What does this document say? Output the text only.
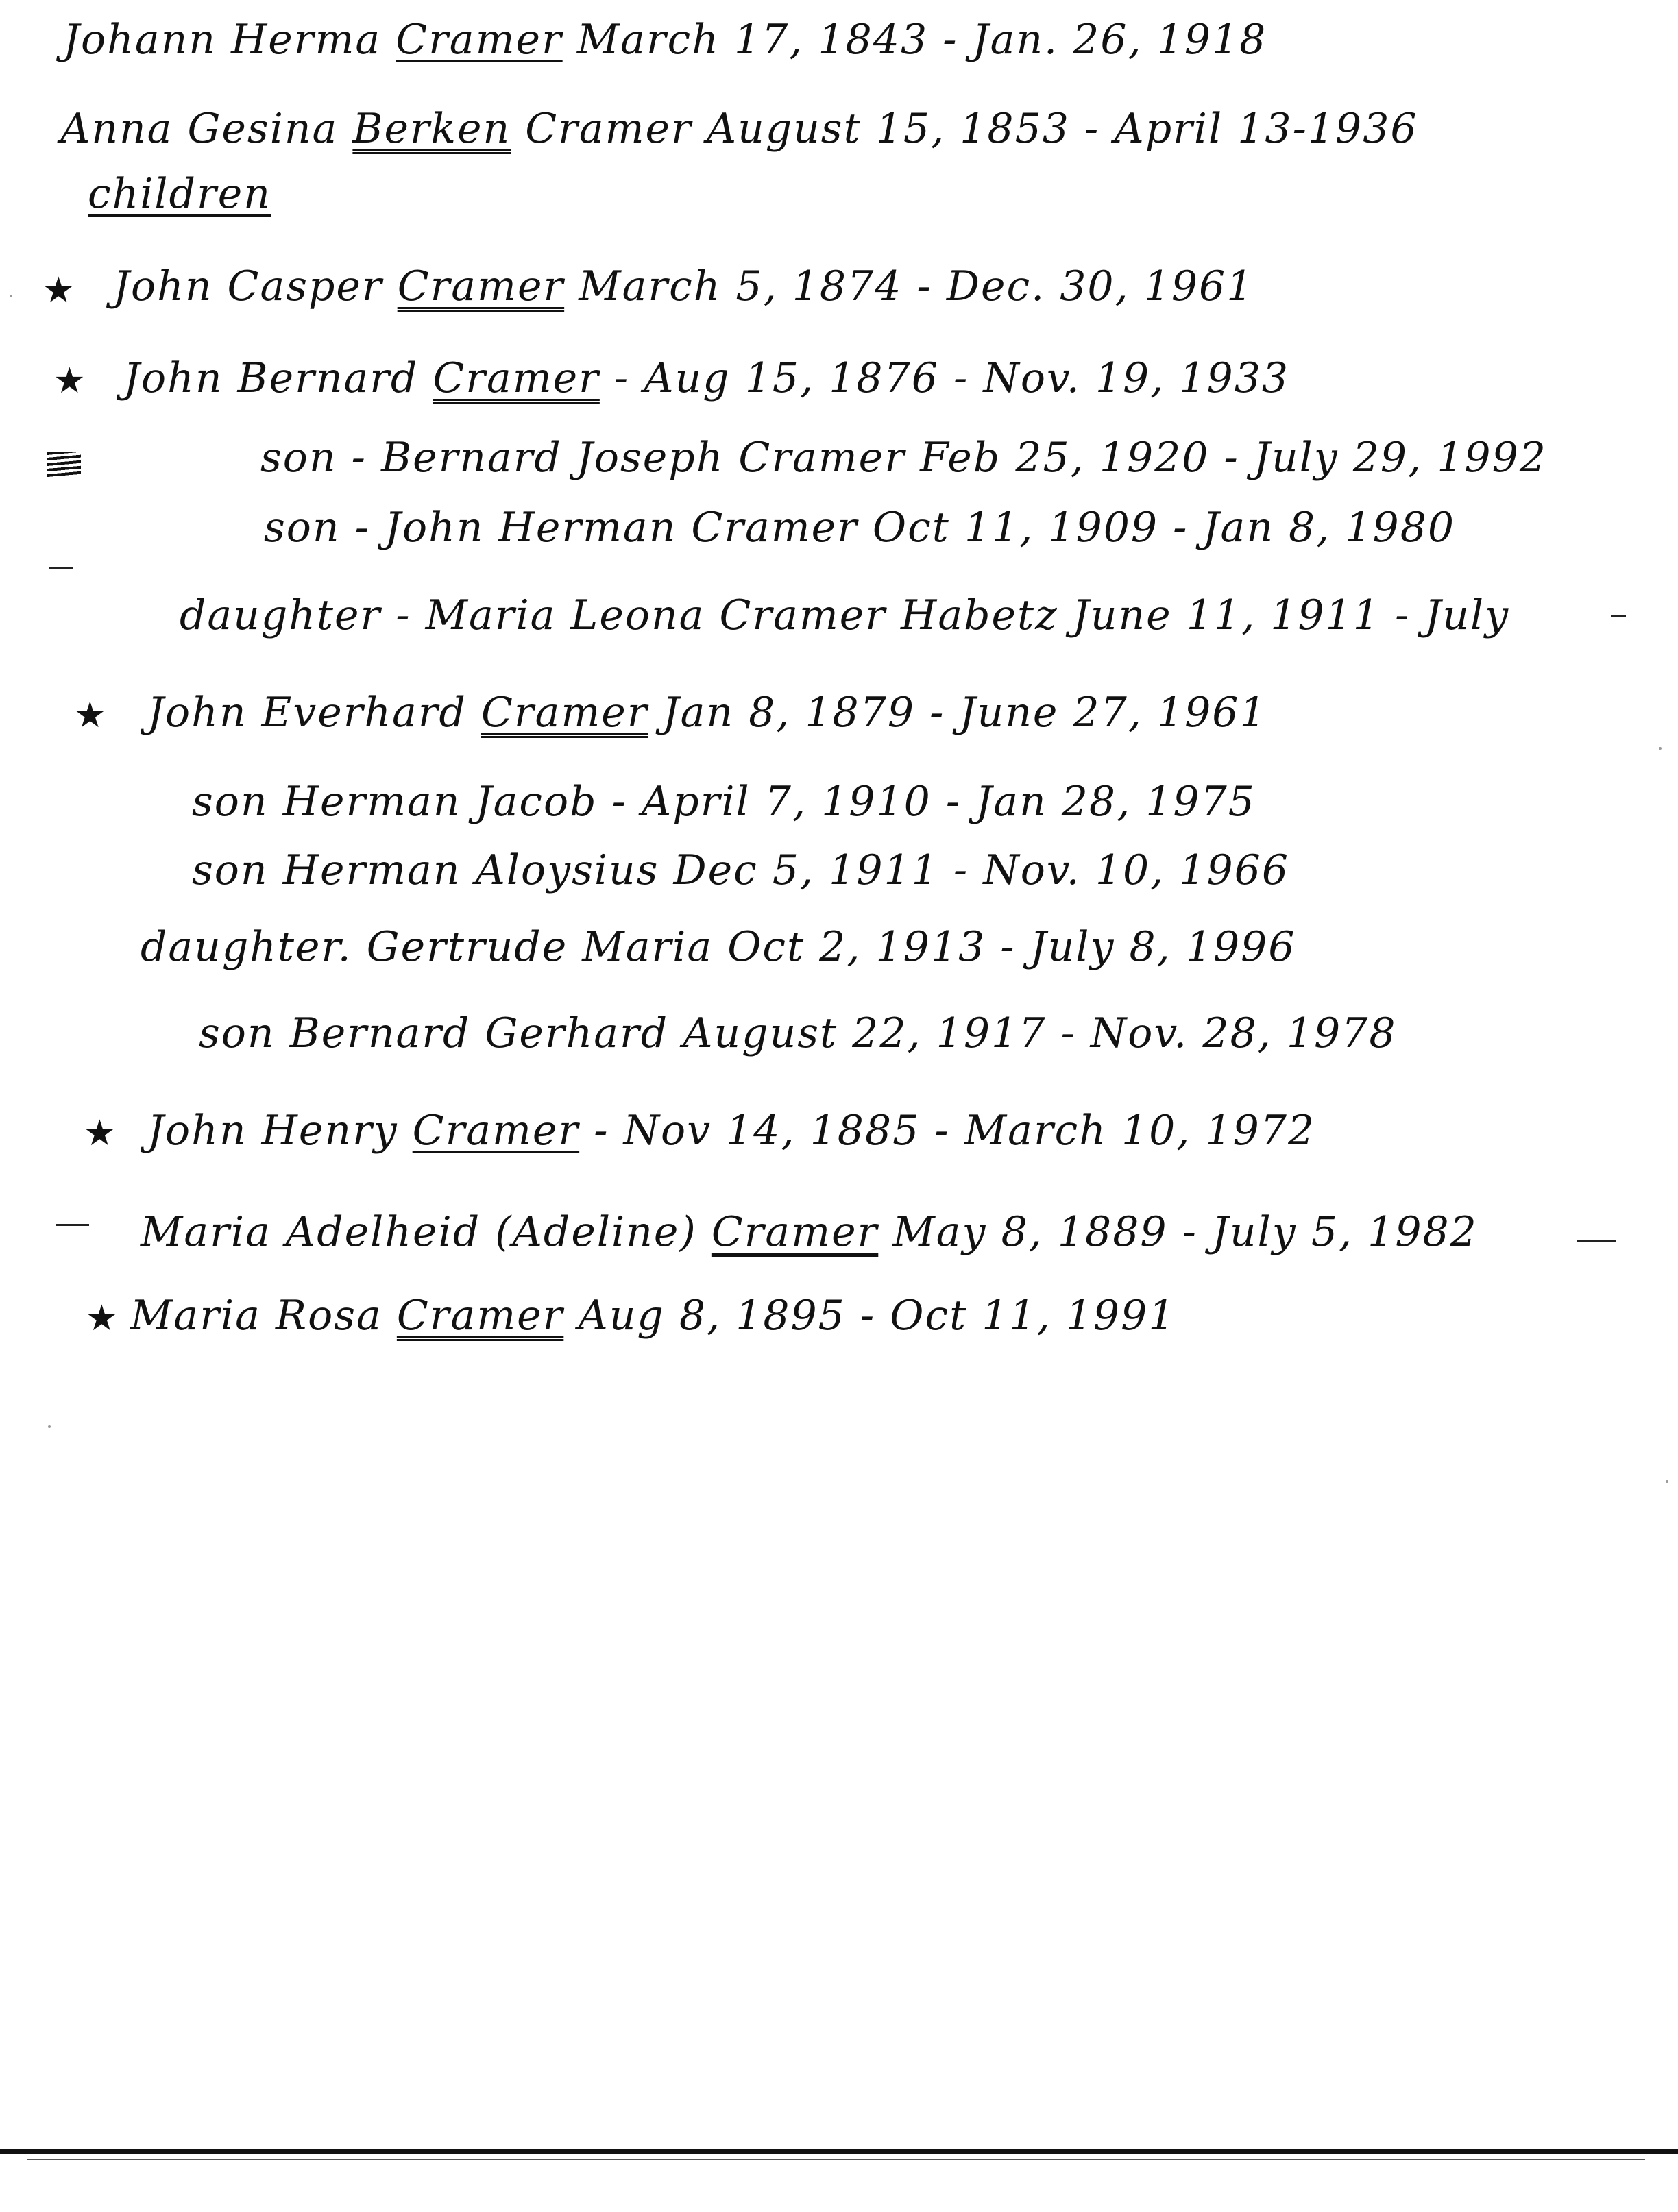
Johann Herma Cramer March 17, 1843 - Jan. 26, 1918
Anna Gesina Berken Cramer August 15, 1853 - April 13-1936
children
John Casper Cramer March 5, 1874 - Dec. 30, 1961
John Bernard Cramer - Aug 15, 1876 - Nov. 19, 1933
son - Bernard Joseph Cramer Feb 25, 1920 - July 29, 1992
son - John Herman Cramer Oct 11, 1909 - Jan 8, 1980
daughter - Maria Leona Cramer Habetz June 11, 1911 - July
John Everhard Cramer Jan 8, 1879 - June 27, 1961
son Herman Jacob - April 7, 1910 - Jan 28, 1975
son Herman Aloysius Dec 5, 1911 - Nov. 10, 1966
daughter. Gertrude Maria Oct 2, 1913 - July 8, 1996
son Bernard Gerhard August 22, 1917 - Nov. 28, 1978
John Henry Cramer - Nov 14, 1885 - March 10, 1972
Maria Adelheid (Adeline) Cramer May 8, 1889 - July 5, 1982
Maria Rosa Cramer Aug 8, 1895 - Oct 11, 1991
★
★
★
★
★
